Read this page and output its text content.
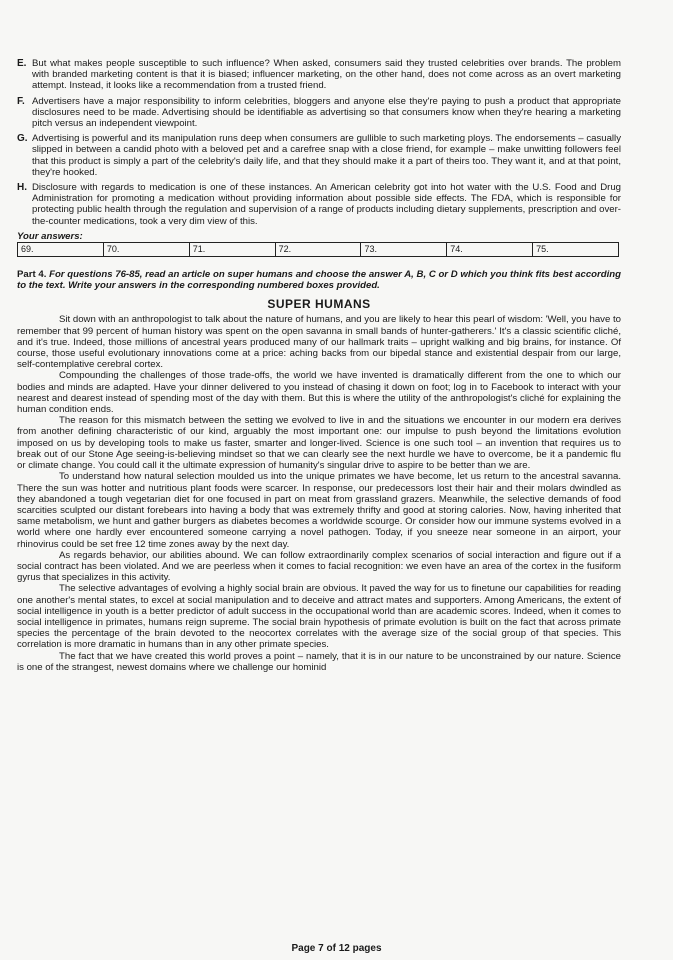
E. But what makes people susceptible to such influence? When asked, consumers said they trusted celebrities over brands. The problem with branded marketing content is that it is biased; influencer marketing, on the other hand, does not come across as an overt marketing attempt. Instead, it looks like a recommendation from a trusted friend.
F. Advertisers have a major responsibility to inform celebrities, bloggers and anyone else they're paying to push a product that appropriate disclosures need to be made. Advertising should be identifiable as advertising so that consumers know when they're hearing a marketing pitch versus an independent viewpoint.
G. Advertising is powerful and its manipulation runs deep when consumers are gullible to such marketing ploys. The endorsements – casually slipped in between a candid photo with a beloved pet and a carefree snap with a close friend, for example – make unwitting followers feel that this product is simply a part of the celebrity's daily life, and that they should make it a part of theirs too. They want it, and at that point, they're hooked.
H. Disclosure with regards to medication is one of these instances. An American celebrity got into hot water with the U.S. Food and Drug Administration for promoting a medication without providing information about possible side effects. The FDA, which is responsible for protecting public health through the regulation and supervision of a range of products including dietary supplements, prescription and over-the-counter medications, took a very dim view of this.
Your answers:
69.	70.	71.	72.	73.	74.	75.
Part 4. For questions 76-85, read an article on super humans and choose the answer A, B, C or D which you think fits best according to the text. Write your answers in the corresponding numbered boxes provided.
SUPER HUMANS

Sit down with an anthropologist to talk about the nature of humans, and you are likely to hear this pearl of wisdom: 'Well, you have to remember that 99 percent of human history was spent on the open savanna in small bands of hunter-gatherers.' It's a classic scientific cliché, and it's true. Indeed, those millions of ancestral years produced many of our hallmark traits – upright walking and big brains, for instance. Of course, those useful evolutionary innovations come at a price: aching backs from our bipedal stance and existential despair from our large, self-contemplative cerebral cortex.

Compounding the challenges of those trade-offs, the world we have invented is dramatically different from the one to which our bodies and minds are adapted. Have your dinner delivered to you instead of chasing it down on foot; log in to Facebook to interact with your nearest and dearest instead of spending most of the day with them. But this is where the utility of the anthropologist's cliché for explaining the human condition ends.

The reason for this mismatch between the setting we evolved to live in and the situations we encounter in our modern era derives from another defining characteristic of our kind, arguably the most important one: our impulse to push beyond the limitations evolution imposed on us by developing tools to make us faster, smarter and longer-lived. Science is one such tool – an invention that requires us to break out of our Stone Age seeing-is-believing mindset so that we can clearly see the next hurdle we have to overcome, be it a pandemic flu or climate change. You could call it the ultimate expression of humanity's singular drive to aspire to be better than we are.

To understand how natural selection moulded us into the unique primates we have become, let us return to the ancestral savanna. There the sun was hotter and nutritious plant foods were scarcer. In response, our predecessors lost their hair and their molars dwindled as they abandoned a tough vegetarian diet for one focused in part on meat from grassland grazers. Meanwhile, the selective demands of food scarcities sculpted our distant forebears into having a body that was extremely thrifty and good at storing calories. Now, having inherited that same metabolism, we hunt and gather burgers as diabetes becomes a worldwide scourge. Or consider how our immune systems evolved in a world where one hardly ever encountered someone carrying a novel pathogen. Today, if you sneeze near someone in an airport, your rhinovirus could be set free 12 time zones away by the next day.

As regards behavior, our abilities abound. We can follow extraordinarily complex scenarios of social interaction and figure out if a social contract has been violated. And we are peerless when it comes to facial recognition: we even have an area of the cortex in the fusiform gyrus that specializes in this activity.

The selective advantages of evolving a highly social brain are obvious. It paved the way for us to finetune our capabilities for reading one another's mental states, to excel at social manipulation and to deceive and attract mates and supporters. Among Americans, the extent of social intelligence in youth is a better predictor of adult success in the occupational world than are academic scores. Indeed, when it comes to social intelligence in primates, humans reign supreme. The social brain hypothesis of primate evolution is built on the fact that across primate species the percentage of the brain devoted to the neocortex correlates with the average size of the social group of that species. This correlation is more dramatic in humans than in any other primate species.

The fact that we have created this world proves a point – namely, that it is in our nature to be unconstrained by our nature. Science is one of the strangest, newest domains where we challenge our hominid

Page 7 of 12 pages
